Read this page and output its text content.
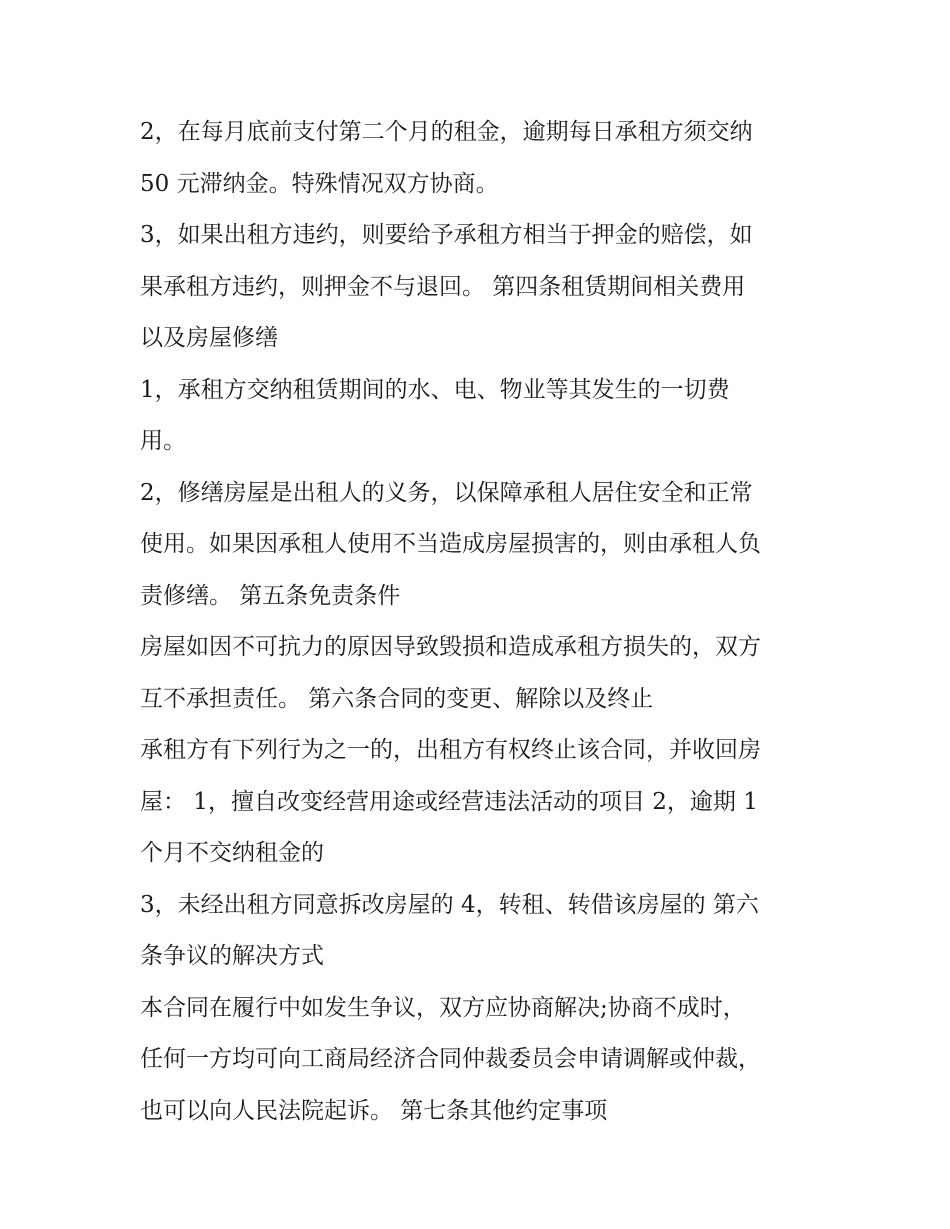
2，在每月底前支付第二个月的租金，逾期每日承租方须交纳
50 元滞纳金。特殊情况双方协商。
3，如果出租方违约，则要给予承租方相当于押金的赔偿，如
果承租方违约，则押金不与退回。 第四条租赁期间相关费用
以及房屋修缮
1，承租方交纳租赁期间的水、电、物业等其发生的一切费
用。
2，修缮房屋是出租人的义务，以保障承租人居住安全和正常
使用。如果因承租人使用不当造成房屋损害的，则由承租人负
责修缮。 第五条免责条件
房屋如因不可抗力的原因导致毁损和造成承租方损失的，双方
互不承担责任。 第六条合同的变更、解除以及终止
承租方有下列行为之一的，出租方有权终止该合同，并收回房
屋： 1，擅自改变经营用途或经营违法活动的项目 2，逾期 1
个月不交纳租金的
3，未经出租方同意拆改房屋的 4，转租、转借该房屋的 第六
条争议的解决方式
本合同在履行中如发生争议，双方应协商解决;协商不成时，
任何一方均可向工商局经济合同仲裁委员会申请调解或仲裁，
也可以向人民法院起诉。 第七条其他约定事项
